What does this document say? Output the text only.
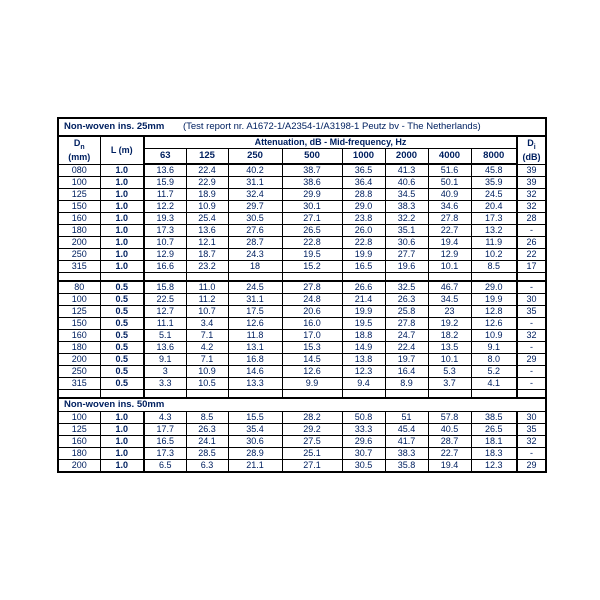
Non-woven ins. 25mm (Test report nr. A1672-1/A2354-1/A3198-1 Peutz bv - The Netherlands)										
$D_n$
(mm)	L (m)	Attenuation, dB - Mid-frequency, Hz								$D_i$
(dB)
		63	125	250	500	1000	2000	4000	8000	
080	1.0	13.6	22.4	40.2	38.7	36.5	41.3	51.6	45.8	39
100	1.0	15.9	22.9	31.1	38.6	36.4	40.6	50.1	35.9	39
125	1.0	11.7	18.9	32.4	29.9	28.8	34.5	40.9	24.5	32
150	1.0	12.2	10.9	29.7	30.1	29.0	38.3	34.6	20.4	32
160	1.0	19.3	25.4	30.5	27.1	23.8	32.2	27.8	17.3	28
180	1.0	17.3	13.6	27.6	26.5	26.0	35.1	22.7	13.2	-
200	1.0	10.7	12.1	28.7	22.8	22.8	30.6	19.4	11.9	26
250	1.0	12.9	18.7	24.3	19.5	19.9	27.7	12.9	10.2	22
315	1.0	16.6	23.2	18	15.2	16.5	19.6	10.1	8.5	17

80	0.5	15.8	11.0	24.5	27.8	26.6	32.5	46.7	29.0	-
100	0.5	22.5	11.2	31.1	24.8	21.4	26.3	34.5	19.9	30
125	0.5	12.7	10.7	17.5	20.6	19.9	25.8	23	12.8	35
150	0.5	11.1	3.4	12.6	16.0	19.5	27.8	19.2	12.6	-
160	0.5	5.1	7.1	11.8	17.0	18.8	24.7	18.2	10.9	32
180	0.5	13.6	4.2	13.1	15.3	14.9	22.4	13.5	9.1	-
200	0.5	9.1	7.1	16.8	14.5	13.8	19.7	10.1	8.0	29
250	0.5	3	10.9	14.6	12.6	12.3	16.4	5.3	5.2	-
315	0.5	3.3	10.5	13.3	9.9	9.4	8.9	3.7	4.1	-

Non-woven ins. 50mm										
100	1.0	4.3	8.5	15.5	28.2	50.8	51	57.8	38.5	30
125	1.0	17.7	26.3	35.4	29.2	33.3	45.4	40.5	26.5	35
160	1.0	16.5	24.1	30.6	27.5	29.6	41.7	28.7	18.1	32
180	1.0	17.3	28.5	28.9	25.1	30.7	38.3	22.7	18.3	-
200	1.0	6.5	6.3	21.1	27.1	30.5	35.8	19.4	12.3	29
